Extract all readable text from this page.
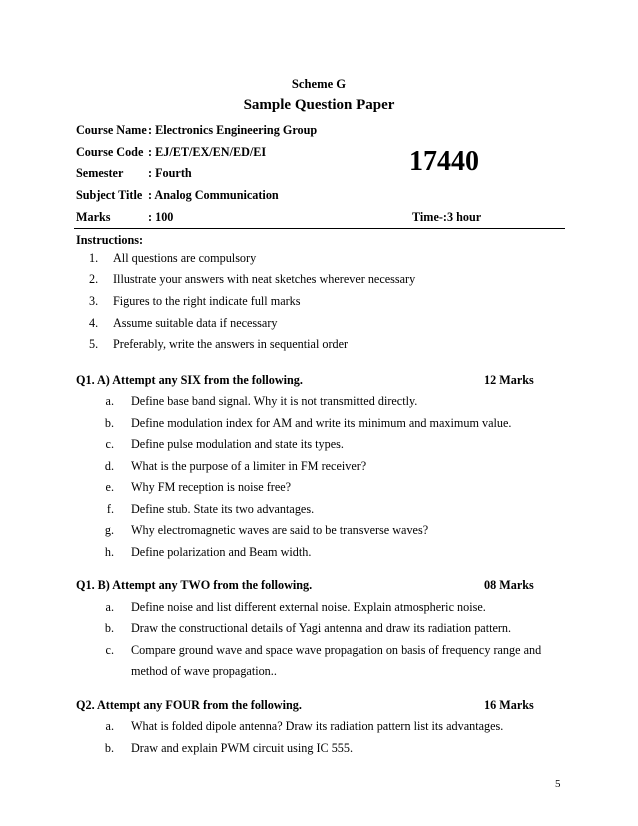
Scheme G
Sample Question Paper
Course Name : Electronics Engineering Group
Course Code : EJ/ET/EX/EN/ED/EI
Semester : Fourth
Subject Title : Analog Communication
Marks	: 100
17440
Time-:3 hour
Instructions:
1. All questions are compulsory
2. Illustrate your answers with neat sketches wherever necessary
3. Figures to the right indicate full marks
4. Assume suitable data if necessary
5. Preferably, write the answers in sequential order
Q1. A) Attempt any SIX from the following.	12 Marks
a. Define base band signal. Why it is not transmitted directly.
b. Define modulation index for AM and write its minimum and maximum value.
c. Define pulse modulation and state its types.
d. What is the purpose of a limiter in FM receiver?
e. Why FM reception is noise free?
f. Define stub. State its two advantages.
g. Why electromagnetic waves are said to be transverse waves?
h. Define polarization and Beam width.
Q1. B) Attempt any TWO from the following.	08 Marks
a. Define noise and list different external noise. Explain atmospheric noise.
b. Draw the constructional details of Yagi antenna and draw its radiation pattern.
c. Compare ground wave and space wave propagation on basis of frequency range and
method of wave propagation..
Q2. Attempt any FOUR from the following.	16 Marks
a. What is folded dipole antenna? Draw its radiation pattern list its advantages.
b. Draw and explain PWM circuit using IC 555.
5
